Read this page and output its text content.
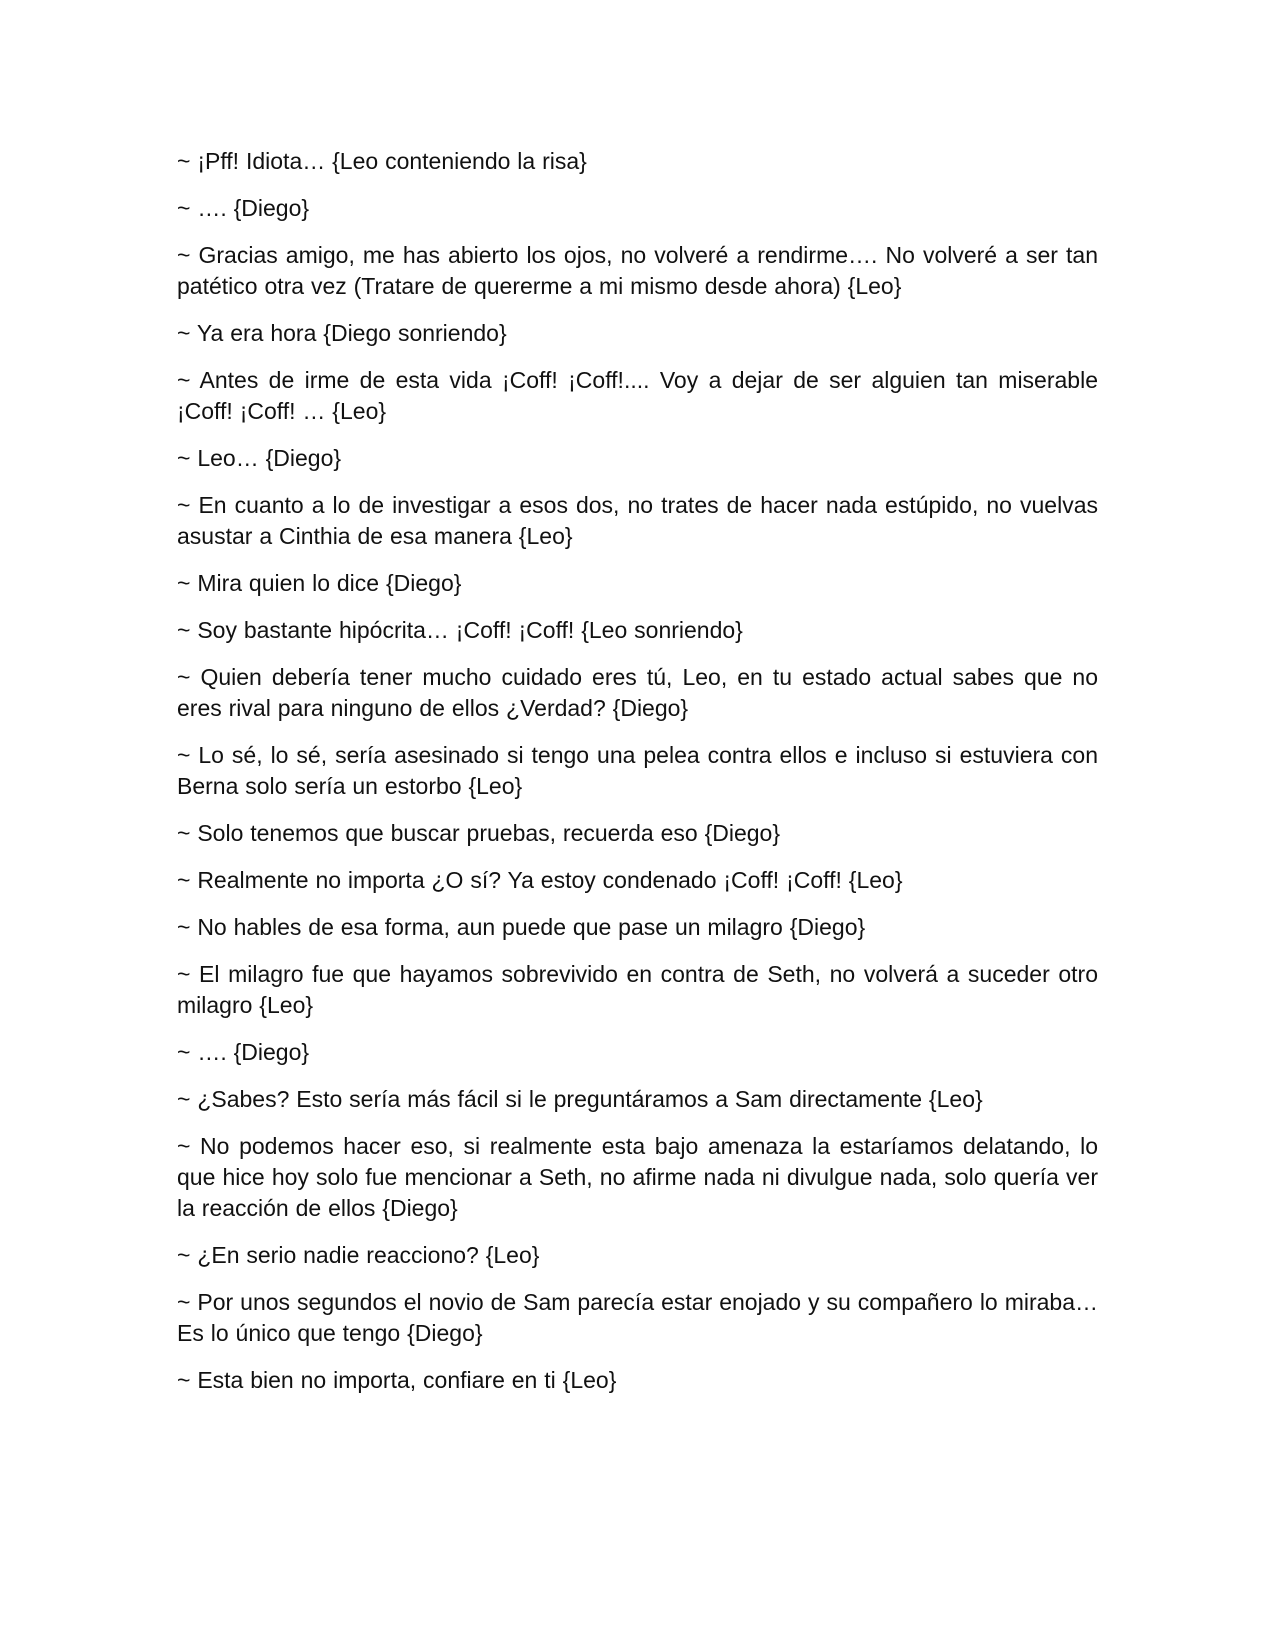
~ ¡Pff! Idiota… {Leo conteniendo la risa}

~ …. {Diego}

~ Gracias amigo, me has abierto los ojos, no volveré a rendirme…. No volveré a ser tan patético otra vez (Tratare de quererme a mi mismo desde ahora) {Leo}

~ Ya era hora {Diego sonriendo}

~ Antes de irme de esta vida ¡Coff! ¡Coff!.... Voy a dejar de ser alguien tan miserable ¡Coff! ¡Coff! … {Leo}

~ Leo… {Diego}

~ En cuanto a lo de investigar a esos dos, no trates de hacer nada estúpido, no vuelvas asustar a Cinthia de esa manera {Leo}

~ Mira quien lo dice {Diego}

~ Soy bastante hipócrita… ¡Coff! ¡Coff! {Leo sonriendo}

~ Quien debería tener mucho cuidado eres tú, Leo, en tu estado actual sabes que no eres rival para ninguno de ellos ¿Verdad? {Diego}

~ Lo sé, lo sé, sería asesinado si tengo una pelea contra ellos e incluso si estuviera con Berna solo sería un estorbo {Leo}

~ Solo tenemos que buscar pruebas, recuerda eso {Diego}

~ Realmente no importa ¿O sí? Ya estoy condenado ¡Coff! ¡Coff! {Leo}

~ No hables de esa forma, aun puede que pase un milagro {Diego}

~ El milagro fue que hayamos sobrevivido en contra de Seth, no volverá a suceder otro milagro {Leo}

~ …. {Diego}

~ ¿Sabes? Esto sería más fácil si le preguntáramos a Sam directamente {Leo}

~ No podemos hacer eso, si realmente esta bajo amenaza la estaríamos delatando, lo que hice hoy solo fue mencionar a Seth, no afirme nada ni divulgue nada, solo quería ver la reacción de ellos {Diego}

~ ¿En serio nadie reacciono? {Leo}

~ Por unos segundos el novio de Sam parecía estar enojado y su compañero lo miraba… Es lo único que tengo {Diego}

~ Esta bien no importa, confiare en ti {Leo}
